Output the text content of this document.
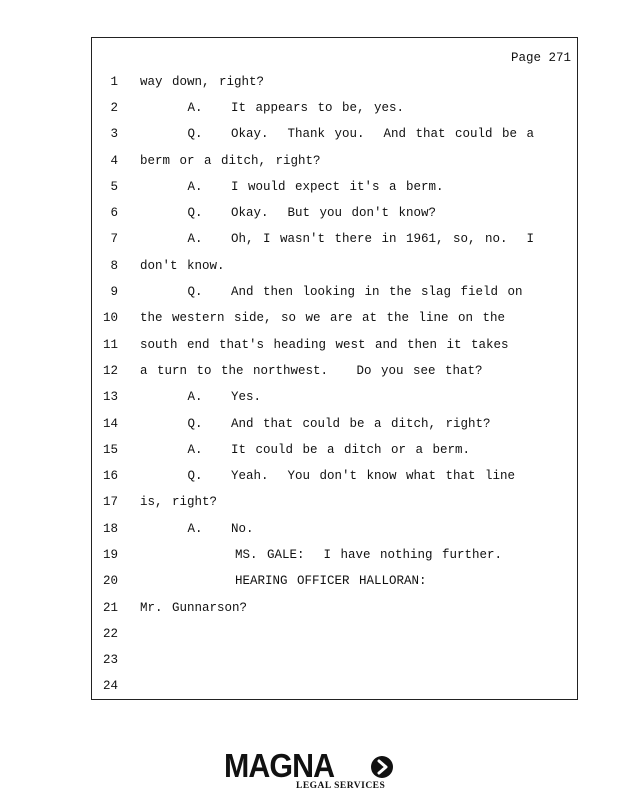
Page 271
1 way down, right?
2 A.   It appears to be, yes.
3 Q.   Okay.  Thank you.  And that could be a
4 berm or a ditch, right?
5 A.   I would expect it's a berm.
6 Q.   Okay.  But you don't know?
7 A.   Oh, I wasn't there in 1961, so, no.  I
8 don't know.
9 Q.   And then looking in the slag field on
10 the western side, so we are at the line on the
11 south end that's heading west and then it takes
12 a turn to the northwest.   Do you see that?
13 A.   Yes.
14 Q.   And that could be a ditch, right?
15 A.   It could be a ditch or a berm.
16 Q.   Yeah.  You don't know what that line
17 is, right?
18 A.   No.
19 MS. GALE:  I have nothing further.
20 HEARING OFFICER HALLORAN:
21 Mr. Gunnarson?
22
23
24
MAGNA
LEGAL SERVICES
